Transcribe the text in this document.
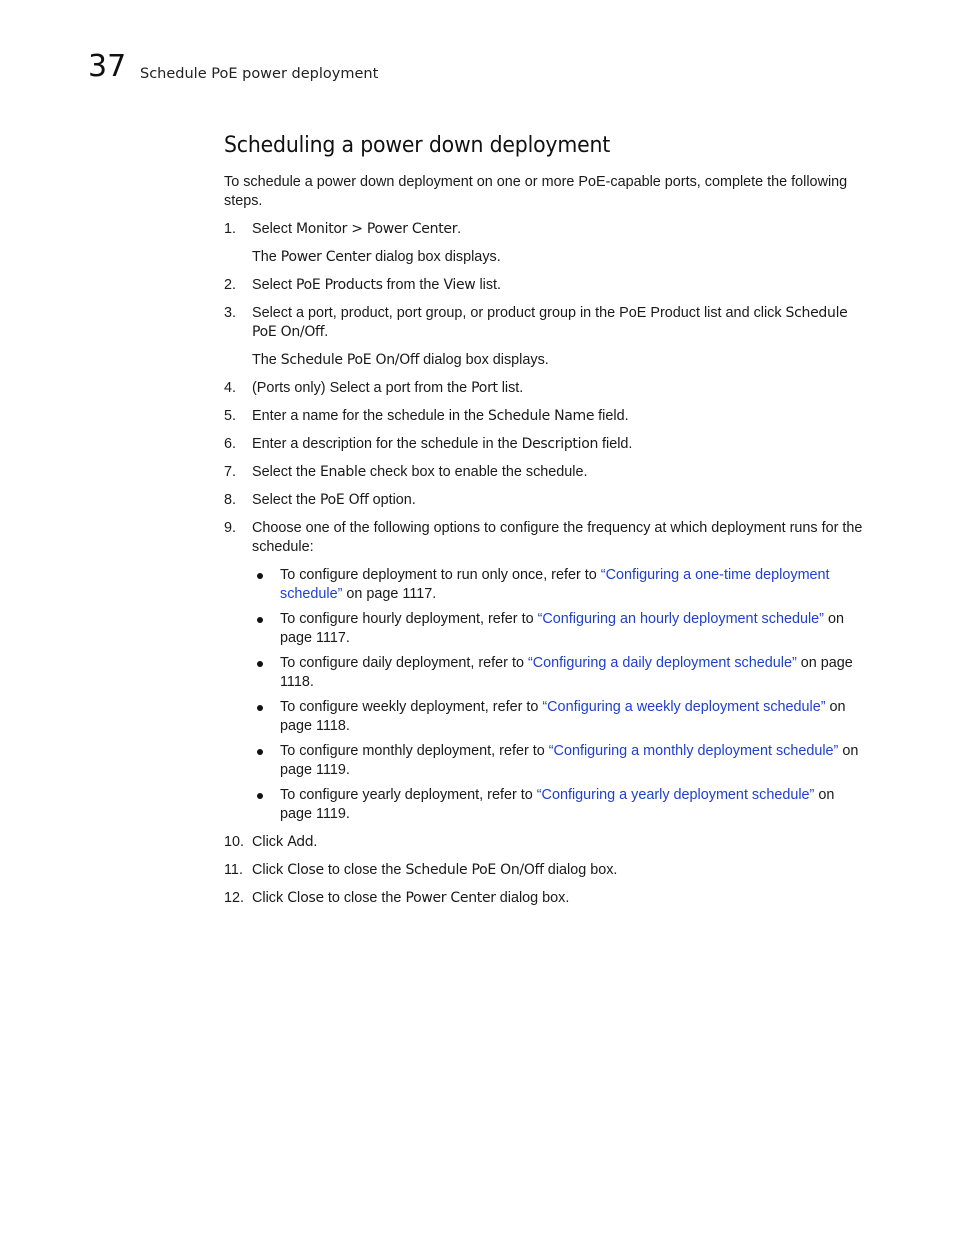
37 Schedule PoE power deployment
Scheduling a power down deployment

To schedule a power down deployment on one or more PoE-capable ports, complete the following steps.

1. Select Monitor > Power Center.
The Power Center dialog box displays.
2. Select PoE Products from the View list.
3. Select a port, product, port group, or product group in the PoE Product list and click Schedule PoE On/Off.
The Schedule PoE On/Off dialog box displays.
4. (Ports only) Select a port from the Port list.
5. Enter a name for the schedule in the Schedule Name field.
6. Enter a description for the schedule in the Description field.
7. Select the Enable check box to enable the schedule.
8. Select the PoE Off option.
9. Choose one of the following options to configure the frequency at which deployment runs for the schedule:
To configure deployment to run only once, refer to “Configuring a one-time deployment schedule” on page 1117.
To configure hourly deployment, refer to “Configuring an hourly deployment schedule” on page 1117.
To configure daily deployment, refer to “Configuring a daily deployment schedule” on page 1118.
To configure weekly deployment, refer to “Configuring a weekly deployment schedule” on page 1118.
To configure monthly deployment, refer to “Configuring a monthly deployment schedule” on page 1119.
To configure yearly deployment, refer to “Configuring a yearly deployment schedule” on page 1119.
10. Click Add.
11. Click Close to close the Schedule PoE On/Off dialog box.
12. Click Close to close the Power Center dialog box.
